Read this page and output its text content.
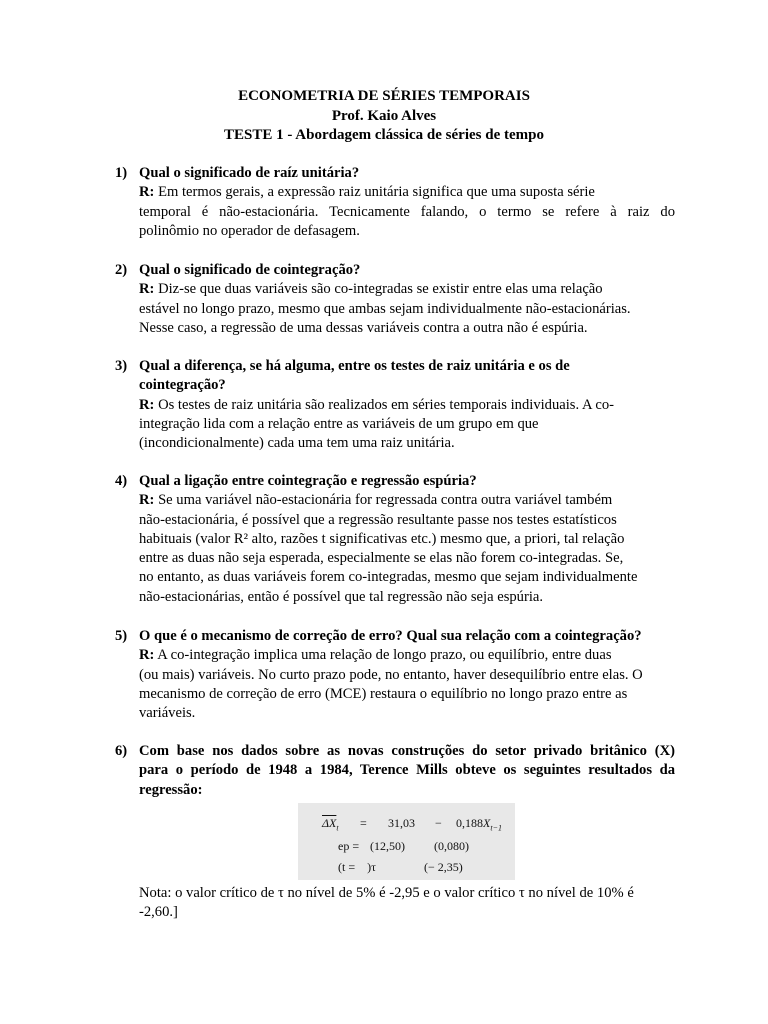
ECONOMETRIA DE SÉRIES TEMPORAIS
Prof. Kaio Alves
TESTE 1 - Abordagem clássica de séries de tempo
1) Qual o significado de raíz unitária?
R: Em termos gerais, a expressão raiz unitária significa que uma suposta série
temporal é não-estacionária. Tecnicamente falando, o termo se refere à raiz do
polinômio no operador de defasagem.
2) Qual o significado de cointegração?
R: Diz-se que duas variáveis são co-integradas se existir entre elas uma relação
estável no longo prazo, mesmo que ambas sejam individualmente não-estacionárias.
Nesse caso, a regressão de uma dessas variáveis contra a outra não é espúria.
3) Qual a diferença, se há alguma, entre os testes de raiz unitária e os de
cointegração?
R: Os testes de raiz unitária são realizados em séries temporais individuais. A co-
integração lida com a relação entre as variáveis de um grupo em que
(incondicionalmente) cada uma tem uma raiz unitária.
4) Qual a ligação entre cointegração e regressão espúria?
R: Se uma variável não-estacionária for regressada contra outra variável também
não-estacionária, é possível que a regressão resultante passe nos testes estatísticos
habituais (valor R² alto, razões t significativas etc.) mesmo que, a priori, tal relação
entre as duas não seja esperada, especialmente se elas não forem co-integradas. Se,
no entanto, as duas variáveis forem co-integradas, mesmo que sejam individualmente
não-estacionárias, então é possível que tal regressão não seja espúria.
5) O que é o mecanismo de correção de erro? Qual sua relação com a cointegração?
R: A co-integração implica uma relação de longo prazo, ou equilíbrio, entre duas
(ou mais) variáveis. No curto prazo pode, no entanto, haver desequilíbrio entre elas. O
mecanismo de correção de erro (MCE) restaura o equilíbrio no longo prazo entre as
variáveis.
6) Com base nos dados sobre as novas construções do setor privado britânico (X)
para o período de 1948 a 1984, Terence Mills obteve os seguintes resultados da
regressão:
$\overline{\Delta X}_t = 31,03 - 0,188X_{t-1}$
ep = (12,50) (0,080)
(t =  )τ	(− 2,35)
Nota: o valor crítico de τ no nível de 5% é -2,95 e o valor crítico τ no nível de 10% é
-2,60.]
